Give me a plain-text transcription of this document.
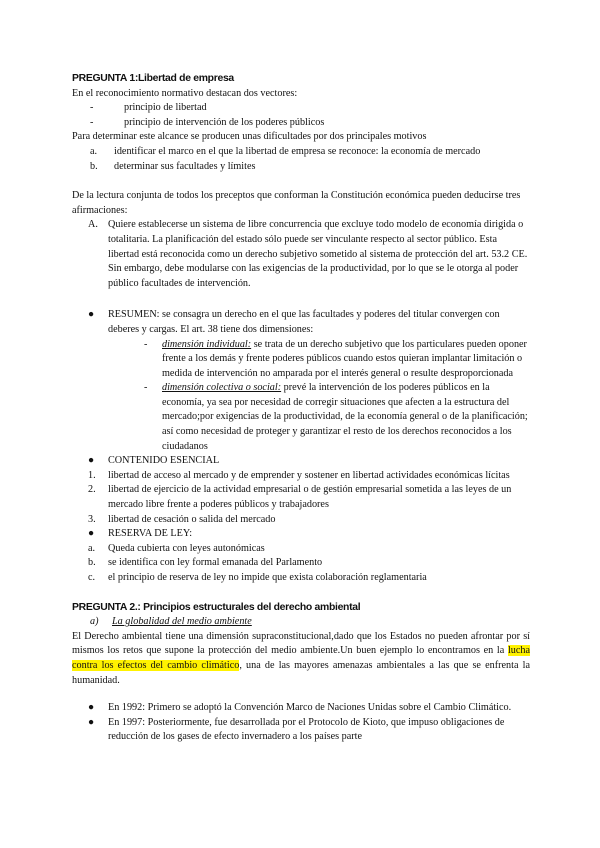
PREGUNTA 1:Libertad de empresa

En el reconocimiento normativo destacan dos vectores:

-	principio de libertad
-	principio de intervención de los poderes públicos

Para determinar este alcance se producen unas dificultades por dos principales motivos

a.	identificar el marco en el que la libertad de empresa se reconoce: la economía de mercado
b.	determinar sus facultades y límites

De la lectura conjunta de todos los preceptos que conforman la Constitución económica pueden deducirse tres afirmaciones:

A. Quiere establecerse un sistema de libre concurrencia que excluye todo modelo de economía dirigida o totalitaria. La planificación del estado sólo puede ser vinculante respecto al sector público. Esta libertad está reconocida como un derecho subjetivo sometido al sistema de protección del art. 53.2 CE. Sin embargo, debe modularse con las exigencias de la productividad, por lo que se le otorga al poder público facultades de intervención.
●	RESUMEN: se consagra un derecho en el que las facultades y poderes del titular convergen con deberes y cargas. El art. 38 tiene dos dimensiones:
-	dimensión individual: se trata de un derecho subjetivo que los particulares pueden oponer frente a los demás y frente poderes públicos cuando estos quieran implantar limitación o medida de intervención no amparada por el interés general o resulte desproporcionada
-	dimensión colectiva o social: prevé la intervención de los poderes públicos en la economía, ya sea por necesidad de corregir situaciones que afecten a la estructura del mercado;por exigencias de la productividad, de la economía general o de la planificación; así como necesidad de proteger y garantizar el resto de los derechos reconocidos a los ciudadanos
●	CONTENIDO ESENCIAL
1.	libertad de acceso al mercado y de emprender y sostener en libertad actividades económicas lícitas
2.	libertad de ejercicio de la actividad empresarial o de gestión empresarial sometida a las leyes de un mercado libre frente a poderes públicos y trabajadores
3.	libertad de cesación o salida del mercado
●	RESERVA DE LEY:
a.	Queda cubierta con leyes autonómicas
b.	se identifica con ley formal emanada del Parlamento
c.	el principio de reserva de ley no impide que exista colaboración reglamentaria

PREGUNTA 2.: Principios estructurales del derecho ambiental

a)	La globalidad del medio ambiente

El Derecho ambiental tiene una dimensión supraconstitucional,dado que los Estados no pueden afrontar por sí mismos los retos que supone la protección del medio ambiente.Un buen ejemplo lo encontramos en la lucha contra los efectos del cambio climático, una de las mayores amenazas ambientales a las que se enfrenta la humanidad.

●	En 1992: Primero se adoptó la Convención Marco de Naciones Unidas sobre el Cambio Climático.
●	En 1997: Posteriormente, fue desarrollada por el Protocolo de Kioto, que impuso obligaciones de reducción de los gases de efecto invernadero a los países parte
